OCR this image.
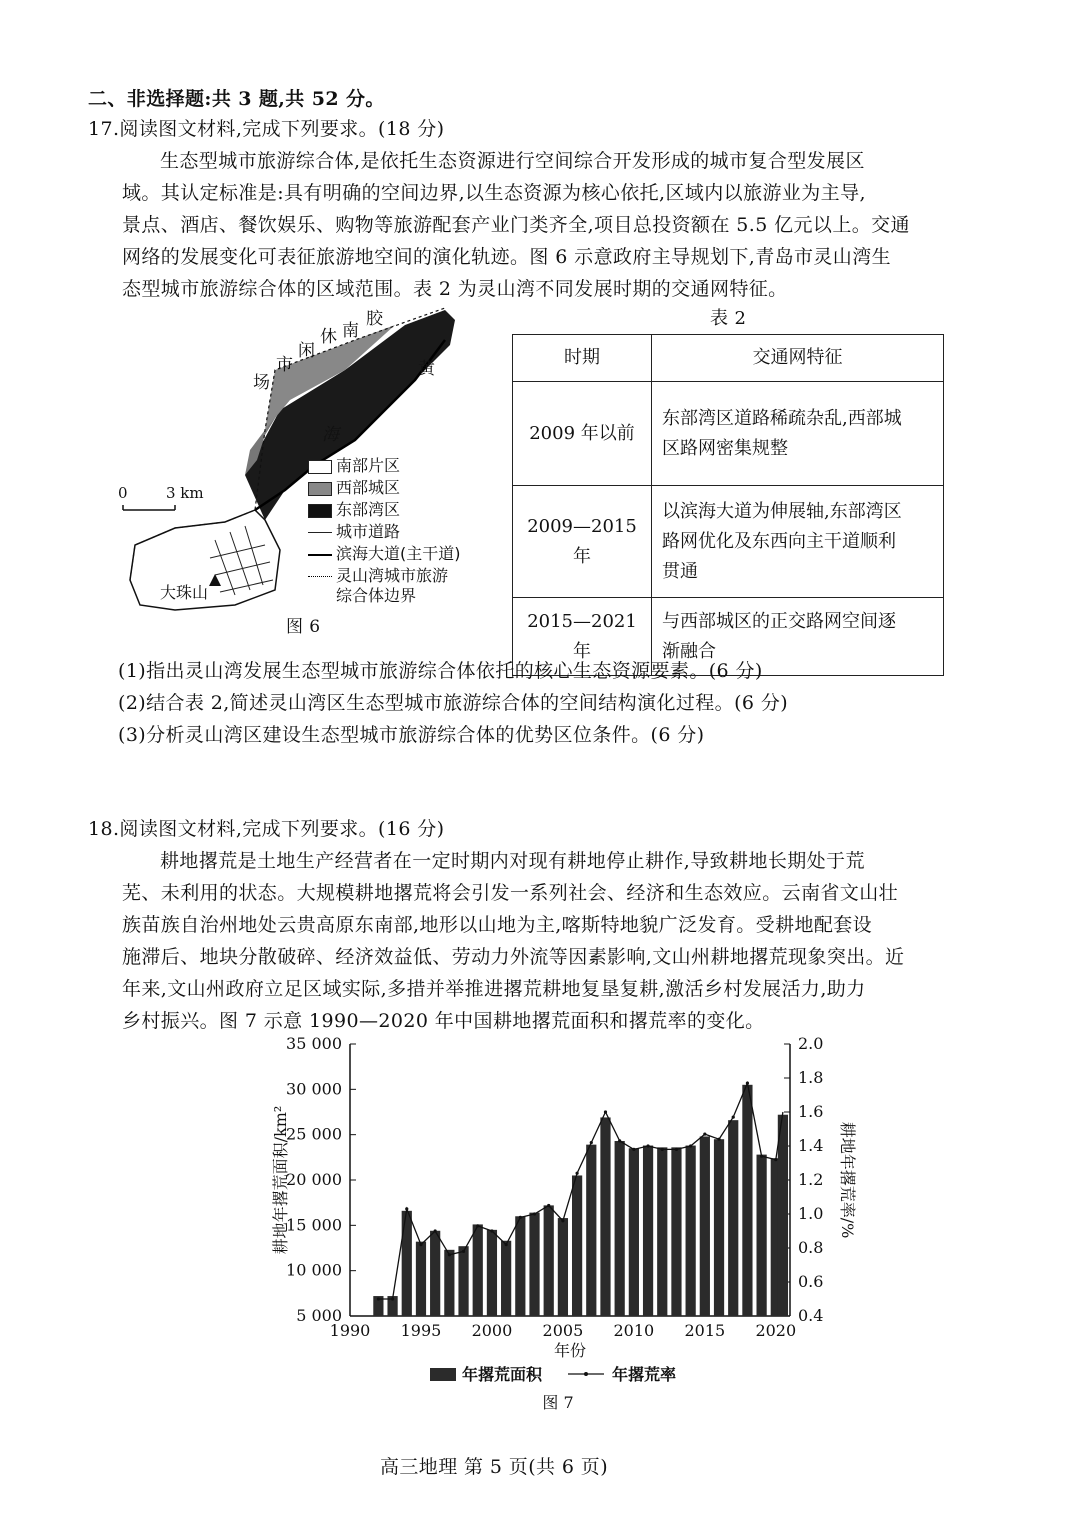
二、非选择题:共 3 题,共 52 分。
17.阅读图文材料,完成下列要求。(18 分)
生态型城市旅游综合体,是依托生态资源进行空间综合开发形成的城市复合型发展区
域。其认定标准是:具有明确的空间边界,以生态资源为核心依托,区域内以旅游业为主导,
景点、酒店、餐饮娱乐、购物等旅游配套产业门类齐全,项目总投资额在 5.5 亿元以上。交通
网络的发展变化可表征旅游地空间的演化轨迹。图 6 示意政府主导规划下,青岛市灵山湾生
态型城市旅游综合体的区域范围。表 2 为灵山湾不同发展时期的交通网特征。
场
市
闲
休 南
胶
黄
海
0	3 km
大珠山
南部片区
西部城区
东部湾区
城市道路
滨海大道(主干道)
灵山湾城市旅游
综合体边界
图 6
表 2
时期	交通网特征
2009 年以前	东部湾区道路稀疏杂乱,西部城
区路网密集规整

2009—2015 年	以滨海大道为伸展轴,东部湾区
路网优化及东西向主干道顺利
贯通

2015—2021 年	与西部城区的正交路网空间逐
渐融合
(1)指出灵山湾发展生态型城市旅游综合体依托的核心生态资源要素。(6 分)
(2)结合表 2,简述灵山湾区生态型城市旅游综合体的空间结构演化过程。(6 分)
(3)分析灵山湾区建设生态型城市旅游综合体的优势区位条件。(6 分)
18.阅读图文材料,完成下列要求。(16 分)
耕地撂荒是土地生产经营者在一定时期内对现有耕地停止耕作,导致耕地长期处于荒
芜、未利用的状态。大规模耕地撂荒将会引发一系列社会、经济和生态效应。云南省文山壮
族苗族自治州地处云贵高原东南部,地形以山地为主,喀斯特地貌广泛发育。受耕地配套设
施滞后、地块分散破碎、经济效益低、劳动力外流等因素影响,文山州耕地撂荒现象突出。近
年来,文山州政府立足区域实际,多措并举推进撂荒耕地复垦复耕,激活乡村发展活力,助力
乡村振兴。图 7 示意 1990—2020 年中国耕地撂荒面积和撂荒率的变化。
5 000
10 000
15 000
20 000
25 000
30 000
35 000
0.4
0.6
0.8
1.0
1.2
1.4
1.6
1.8
2.0
1990 1995 2000 2005 2010 2015 2020
年份
耕地年撂荒面积/km²	耕地年撂荒率/%
年撂荒面积	年撂荒率
图 7
高三地理 第 5 页(共 6 页)
